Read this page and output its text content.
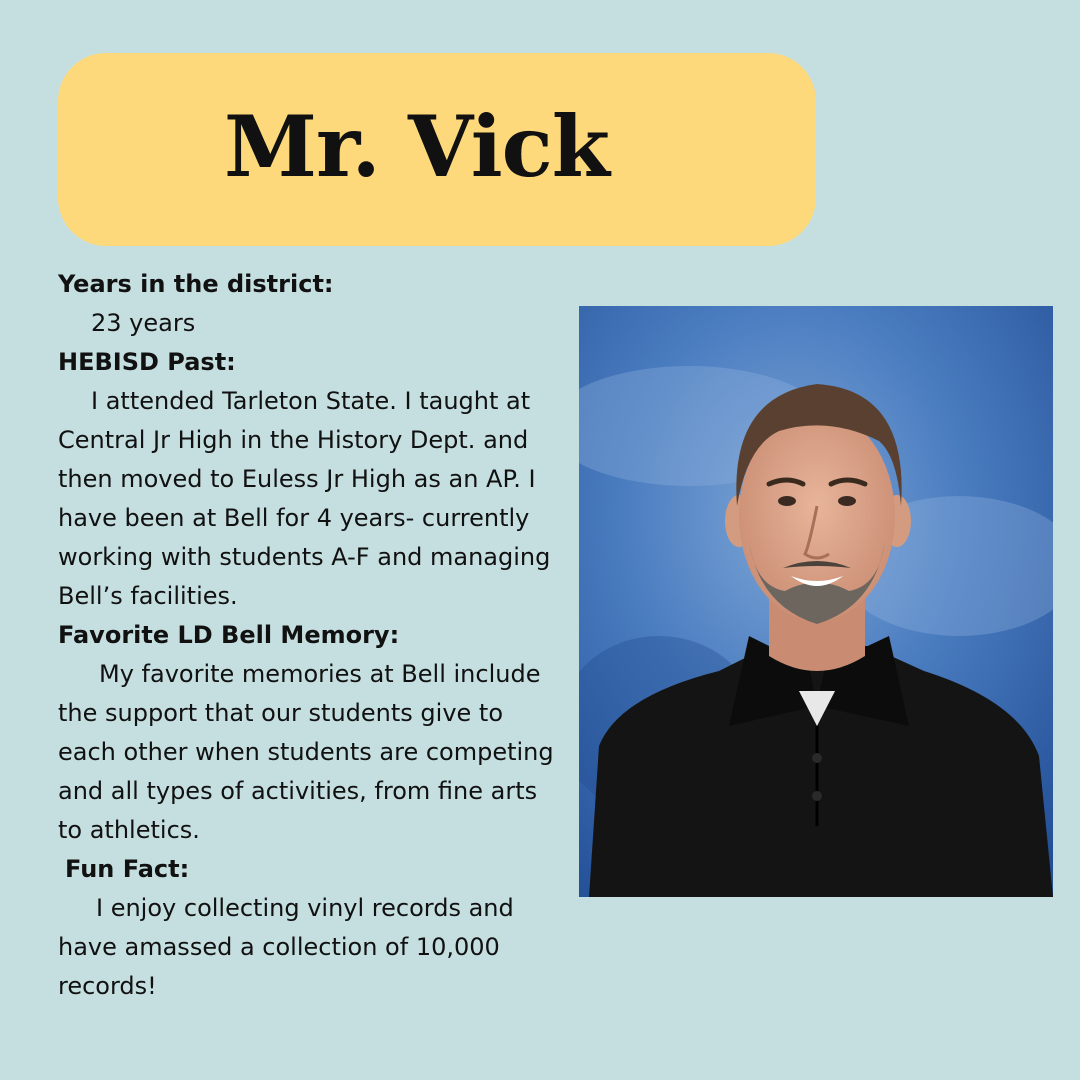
Mr. Vick
Years in the district:
23 years
HEBISD Past:
I attended Tarleton State. I taught at Central Jr High in the History Dept. and then moved to Euless Jr High as an AP. I have been at Bell for 4 years- currently working with students A-F and managing Bell’s facilities.
Favorite LD Bell Memory:
My favorite memories at Bell include the support that our students give to each other when students are competing and all types of activities, from fine arts to athletics.
Fun Fact:
I enjoy collecting vinyl records and have amassed a collection of 10,000 records!
